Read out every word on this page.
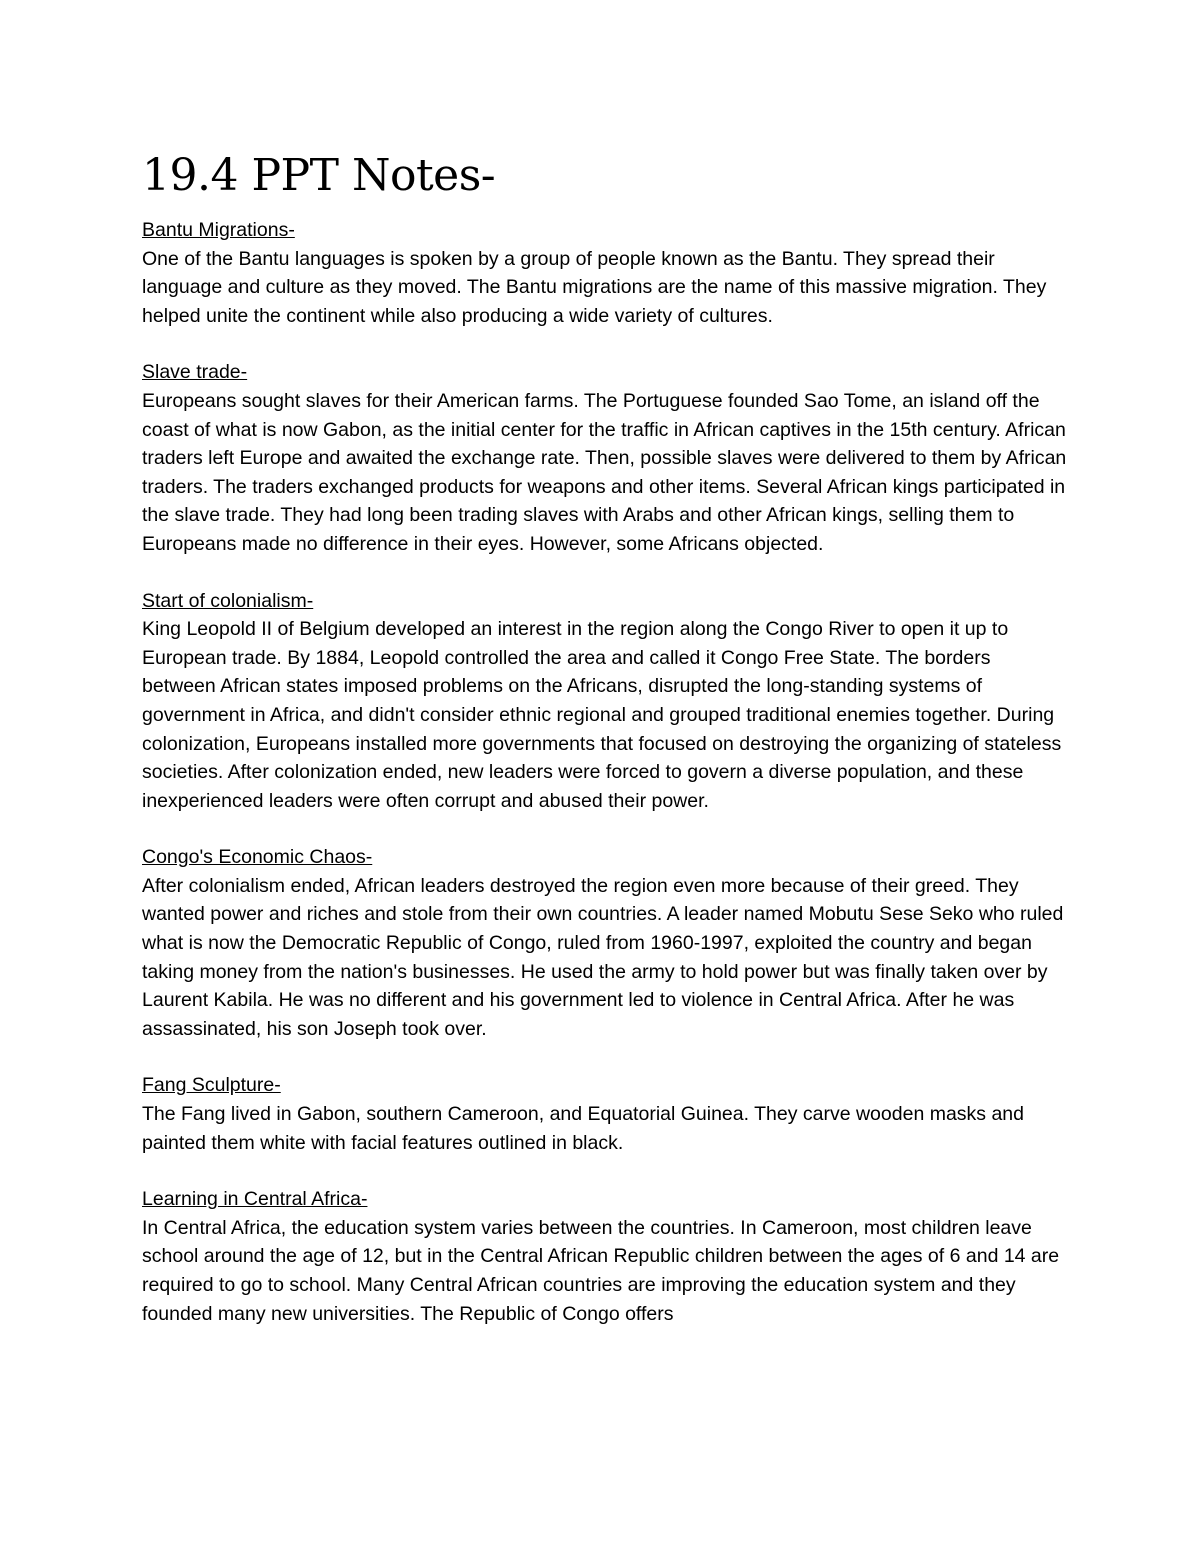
19.4 PPT Notes-

Bantu Migrations-

One of the Bantu languages is spoken by a group of people known as the Bantu. They spread their language and culture as they moved. The Bantu migrations are the name of this massive migration. They helped unite the continent while also producing a wide variety of cultures.

Slave trade-

Europeans sought slaves for their American farms. The Portuguese founded Sao Tome, an island off the coast of what is now Gabon, as the initial center for the traffic in African captives in the 15th century. African traders left Europe and awaited the exchange rate. Then, possible slaves were delivered to them by African traders. The traders exchanged products for weapons and other items. Several African kings participated in the slave trade. They had long been trading slaves with Arabs and other African kings, selling them to Europeans made no difference in their eyes. However, some Africans objected.

Start of colonialism-

King Leopold II of Belgium developed an interest in the region along the Congo River to open it up to European trade. By 1884, Leopold controlled the area and called it Congo Free State. The borders between African states imposed problems on the Africans, disrupted the long-standing systems of government in Africa, and didn't consider ethnic regional and grouped traditional enemies together. During colonization, Europeans installed more governments that focused on destroying the organizing of stateless societies. After colonization ended, new leaders were forced to govern a diverse population, and these inexperienced leaders were often corrupt and abused their power.

Congo's Economic Chaos-

After colonialism ended, African leaders destroyed the region even more because of their greed. They wanted power and riches and stole from their own countries. A leader named Mobutu Sese Seko who ruled what is now the Democratic Republic of Congo, ruled from 1960-1997, exploited the country and began taking money from the nation's businesses. He used the army to hold power but was finally taken over by Laurent Kabila. He was no different and his government led to violence in Central Africa. After he was assassinated, his son Joseph took over.

Fang Sculpture-

The Fang lived in Gabon, southern Cameroon, and Equatorial Guinea. They carve wooden masks and painted them white with facial features outlined in black.

Learning in Central Africa-

In Central Africa, the education system varies between the countries. In Cameroon, most children leave school around the age of 12, but in the Central African Republic children between the ages of 6 and 14 are required to go to school. Many Central African countries are improving the education system and they founded many new universities. The Republic of Congo offers
